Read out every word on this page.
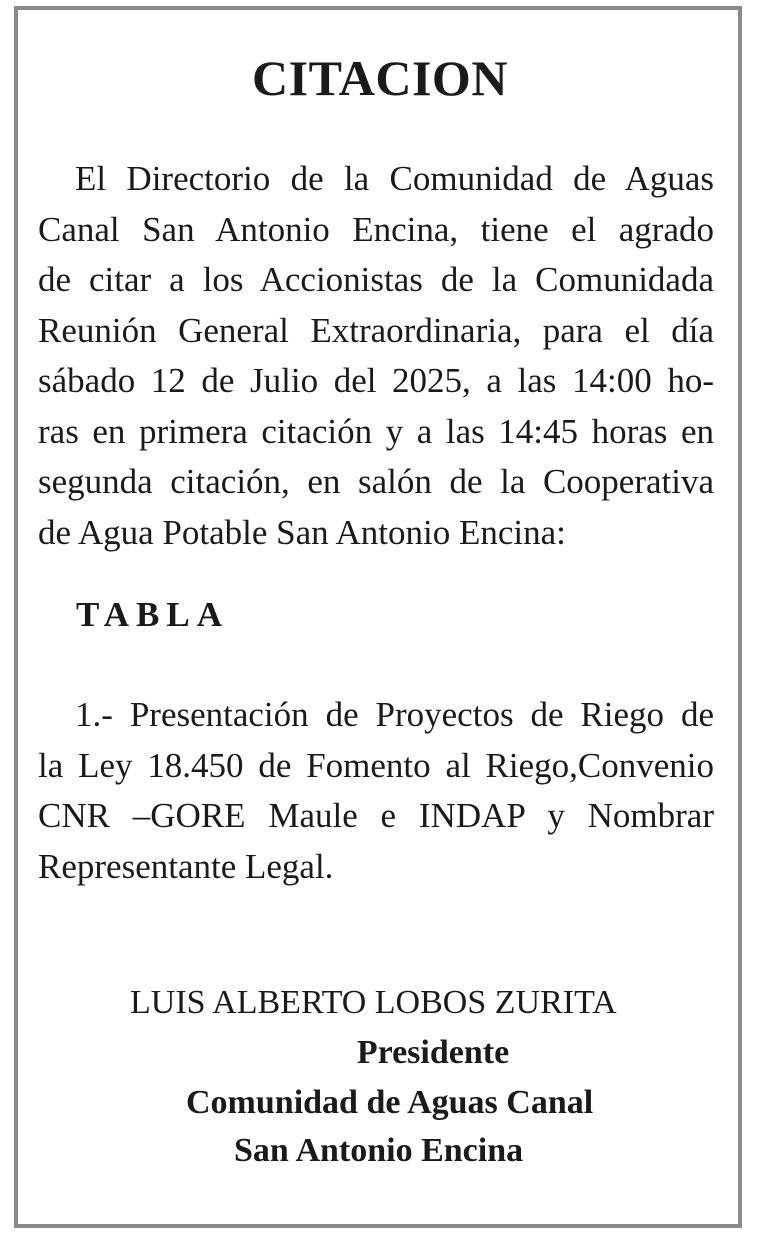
CITACION
El Directorio de la Comunidad de Aguas
Canal San Antonio Encina, tiene el agrado
de citar a los Accionistas de la Comunidada
Reunión General Extraordinaria, para el día
sábado 12 de Julio del 2025, a las 14:00 ho-
ras en primera citación y a las 14:45 horas en
segunda citación, en salón de la Cooperativa
de Agua Potable San Antonio Encina:
TABLA
1.- Presentación de Proyectos de Riego de
la Ley 18.450 de Fomento al Riego,Convenio
CNR –GORE Maule e INDAP y Nombrar
Representante Legal.
LUIS ALBERTO LOBOS ZURITA
Presidente
Comunidad de Aguas Canal
San Antonio Encina
